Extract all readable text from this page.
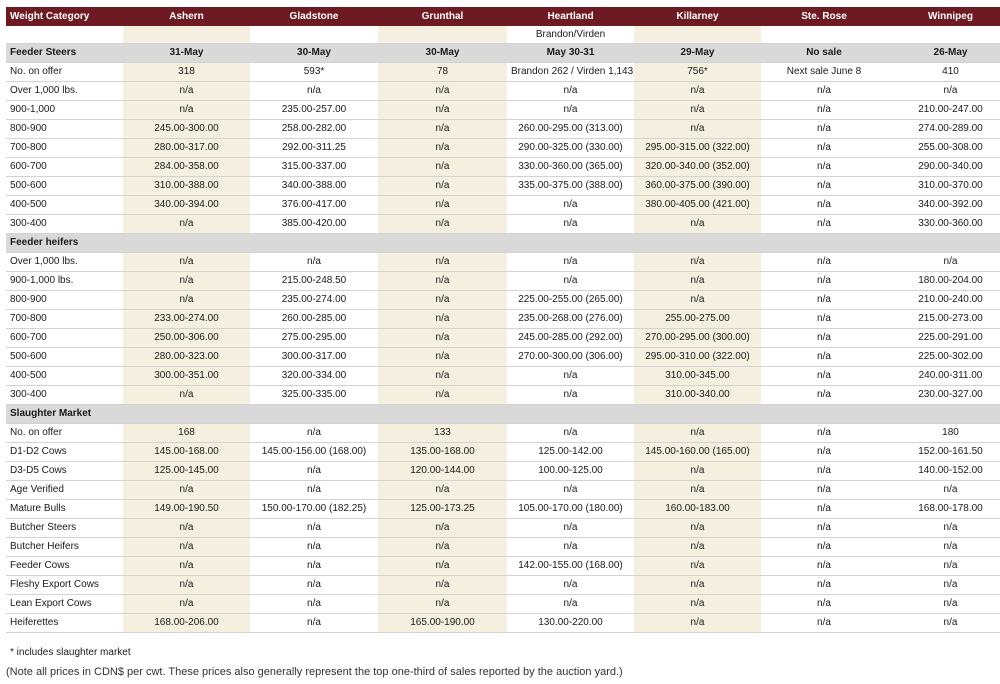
Weight Category	Ashern	Gladstone	Grunthal	Heartland	Killarney	Ste. Rose	Winnipeg
				Brandon/Virden			
Feeder Steers	31-May	30-May	30-May	May 30-31	29-May	No sale	26-May
No. on offer	318	593*	78	Brandon 262 / Virden 1,143	756*	Next sale June 8	410
Over 1,000 lbs.	n/a	n/a	n/a	n/a	n/a	n/a	n/a
900-1,000	n/a	235.00-257.00	n/a	n/a	n/a	n/a	210.00-247.00
800-900	245.00-300.00	258.00-282.00	n/a	260.00-295.00 (313.00)	n/a	n/a	274.00-289.00
700-800	280.00-317.00	292.00-311.25	n/a	290.00-325.00 (330.00)	295.00-315.00 (322.00)	n/a	255.00-308.00
600-700	284.00-358.00	315.00-337.00	n/a	330.00-360.00 (365.00)	320.00-340.00 (352.00)	n/a	290.00-340.00
500-600	310.00-388.00	340.00-388.00	n/a	335.00-375.00 (388.00)	360.00-375.00 (390.00)	n/a	310.00-370.00
400-500	340.00-394.00	376.00-417.00	n/a	n/a	380.00-405.00 (421.00)	n/a	340.00-392.00
300-400	n/a	385.00-420.00	n/a	n/a	n/a	n/a	330.00-360.00
Feeder heifers							
Over 1,000 lbs.	n/a	n/a	n/a	n/a	n/a	n/a	n/a
900-1,000 lbs.	n/a	215.00-248.50	n/a	n/a	n/a	n/a	180.00-204.00
800-900	n/a	235.00-274.00	n/a	225.00-255.00 (265.00)	n/a	n/a	210.00-240.00
700-800	233.00-274.00	260.00-285.00	n/a	235.00-268.00 (276.00)	255.00-275.00	n/a	215.00-273.00
600-700	250.00-306.00	275.00-295.00	n/a	245.00-285.00 (292.00)	270.00-295.00 (300.00)	n/a	225.00-291.00
500-600	280.00-323.00	300.00-317.00	n/a	270.00-300.00 (306.00)	295.00-310.00 (322.00)	n/a	225.00-302.00
400-500	300.00-351.00	320.00-334.00	n/a	n/a	310.00-345.00	n/a	240.00-311.00
300-400	n/a	325.00-335.00	n/a	n/a	310.00-340.00	n/a	230.00-327.00
Slaughter Market							
No. on offer	168	n/a	133	n/a	n/a	n/a	180
D1-D2 Cows	145.00-168.00	145.00-156.00 (168.00)	135.00-168.00	125.00-142.00	145.00-160.00 (165.00)	n/a	152.00-161.50
D3-D5 Cows	125.00-145.00	n/a	120.00-144.00	100.00-125.00	n/a	n/a	140.00-152.00
Age Verified	n/a	n/a	n/a	n/a	n/a	n/a	n/a
Mature Bulls	149.00-190.50	150.00-170.00 (182.25)	125.00-173.25	105.00-170.00 (180.00)	160.00-183.00	n/a	168.00-178.00
Butcher Steers	n/a	n/a	n/a	n/a	n/a	n/a	n/a
Butcher Heifers	n/a	n/a	n/a	n/a	n/a	n/a	n/a
Feeder Cows	n/a	n/a	n/a	142.00-155.00 (168.00)	n/a	n/a	n/a
Fleshy Export Cows	n/a	n/a	n/a	n/a	n/a	n/a	n/a
Lean Export Cows	n/a	n/a	n/a	n/a	n/a	n/a	n/a
Heiferettes	168.00-206.00	n/a	165.00-190.00	130.00-220.00	n/a	n/a	n/a
* includes slaughter market
(Note all prices in CDN$ per cwt. These prices also generally represent the top one-third of sales reported by the auction yard.)
